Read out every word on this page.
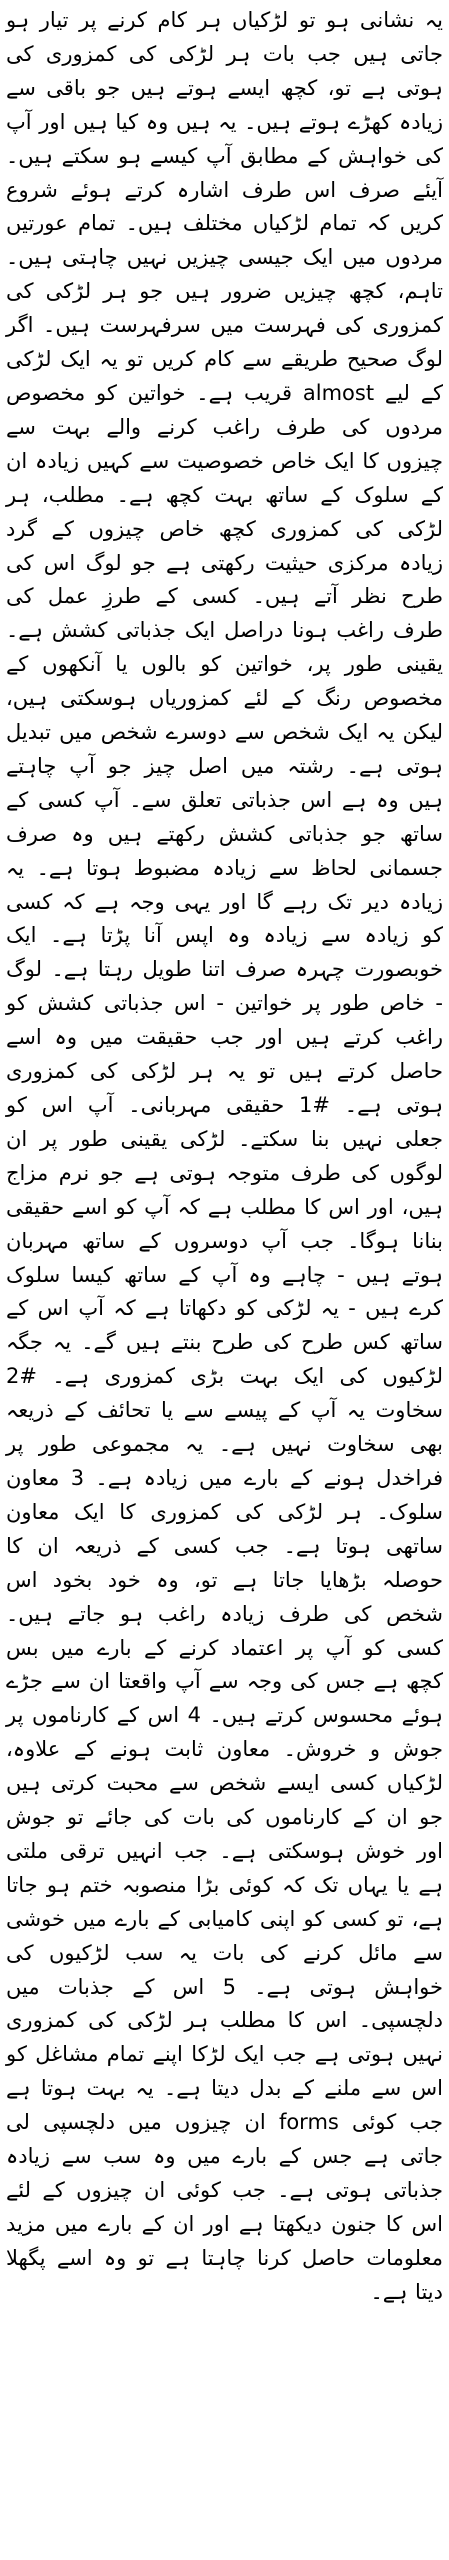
یہ نشانی ہو تو لڑکیاں ہر کام کرنے پر تیار ہو جاتی ہیں جب بات ہر لڑکی کی کمزوری کی ہوتی ہے تو، کچھ ایسے ہوتے ہیں جو باقی سے زیادہ کھڑے ہوتے ہیں۔ یہ ہیں وہ کیا ہیں اور آپ کی خواہش کے مطابق آپ کیسے ہو سکتے ہیں۔ آیئے صرف اس طرف اشارہ کرتے ہوئے شروع کریں کہ تمام لڑکیاں مختلف ہیں۔ تمام عورتیں مردوں میں ایک جیسی چیزیں نہیں چاہتی ہیں۔ تاہم، کچھ چیزیں ضرور ہیں جو ہر لڑکی کی کمزوری کی فہرست میں سرفہرست ہیں۔ اگر لوگ صحیح طریقے سے کام کریں تو یہ ایک لڑکی کے لیے almost قریب ہے۔ خواتین کو مخصوص مردوں کی طرف راغب کرنے والے بہت سے چیزوں کا ایک خاص خصوصیت سے کہیں زیادہ ان کے سلوک کے ساتھ بہت کچھ ہے۔ مطلب، ہر لڑکی کی کمزوری کچھ خاص چیزوں کے گرد زیادہ مرکزی حیثیت رکھتی ہے جو لوگ اس کی طرح نظر آتے ہیں۔ کسی کے طرزِ عمل کی طرف راغب ہونا دراصل ایک جذباتی کشش ہے۔ یقینی طور پر، خواتین کو بالوں یا آنکھوں کے مخصوص رنگ کے لئے کمزوریاں ہوسکتی ہیں، لیکن یہ ایک شخص سے دوسرے شخص میں تبدیل ہوتی ہے۔ رشتہ میں اصل چیز جو آپ چاہتے ہیں وہ ہے اس جذباتی تعلق سے۔ آپ کسی کے ساتھ جو جذباتی کشش رکھتے ہیں وہ صرف جسمانی لحاظ سے زیادہ مضبوط ہوتا ہے۔ یہ زیادہ دیر تک رہے گا اور یہی وجہ ہے کہ کسی کو زیادہ سے زیادہ وہ اپس آنا پڑتا ہے۔ ایک خوبصورت چہرہ صرف اتنا طویل رہتا ہے۔ لوگ - خاص طور پر خواتین - اس جذباتی کشش کو راغب کرتے ہیں اور جب حقیقت میں وہ اسے حاصل کرتے ہیں تو یہ ہر لڑکی کی کمزوری ہوتی ہے۔ #1 حقیقی مہربانی۔ آپ اس کو جعلی نہیں بنا سکتے۔ لڑکی یقینی طور پر ان لوگوں کی طرف متوجہ ہوتی ہے جو نرم مزاج ہیں، اور اس کا مطلب ہے کہ آپ کو اسے حقیقی بنانا ہوگا۔ جب آپ دوسروں کے ساتھ مہربان ہوتے ہیں - چاہے وہ آپ کے ساتھ کیسا سلوک کرے ہیں - یہ لڑکی کو دکھاتا ہے کہ آپ اس کے ساتھ کس طرح کی طرح بنتے ہیں گے۔ یہ جگہ لڑکیوں کی ایک بہت بڑی کمزوری ہے۔ #2 سخاوت یہ آپ کے پیسے سے یا تحائف کے ذریعہ بھی سخاوت نہیں ہے۔ یہ مجموعی طور پر فراخدل ہونے کے بارے میں زیادہ ہے۔ 3 معاون سلوک۔ ہر لڑکی کی کمزوری کا ایک معاون ساتھی ہوتا ہے۔ جب کسی کے ذریعہ ان کا حوصلہ بڑھایا جاتا ہے تو، وہ خود بخود اس شخص کی طرف زیادہ راغب ہو جاتے ہیں۔ کسی کو آپ پر اعتماد کرنے کے بارے میں بس کچھ ہے جس کی وجہ سے آپ واقعتا ان سے جڑے ہوئے محسوس کرتے ہیں۔ 4 اس کے کارناموں پر جوش و خروش۔ معاون ثابت ہونے کے علاوہ، لڑکیاں کسی ایسے شخص سے محبت کرتی ہیں جو ان کے کارناموں کی بات کی جائے تو جوش اور خوش ہوسکتی ہے۔ جب انہیں ترقی ملتی ہے یا یہاں تک کہ کوئی بڑا منصوبہ ختم ہو جاتا ہے، تو کسی کو اپنی کامیابی کے بارے میں خوشی سے مائل کرنے کی بات یہ سب لڑکیوں کی خواہش ہوتی ہے۔ 5 اس کے جذبات میں دلچسپی۔ اس کا مطلب ہر لڑکی کی کمزوری نہیں ہوتی ہے جب ایک لڑکا اپنے تمام مشاغل کو اس سے ملنے کے بدل دیتا ہے۔ یہ بہت ہوتا ہے جب کوئی forms ان چیزوں میں دلچسپی لی جاتی ہے جس کے بارے میں وہ سب سے زیادہ جذباتی ہوتی ہے۔ جب کوئی ان چیزوں کے لئے اس کا جنون دیکھتا ہے اور ان کے بارے میں مزید معلومات حاصل کرنا چاہتا ہے تو وہ اسے پگھلا دیتا ہے۔
